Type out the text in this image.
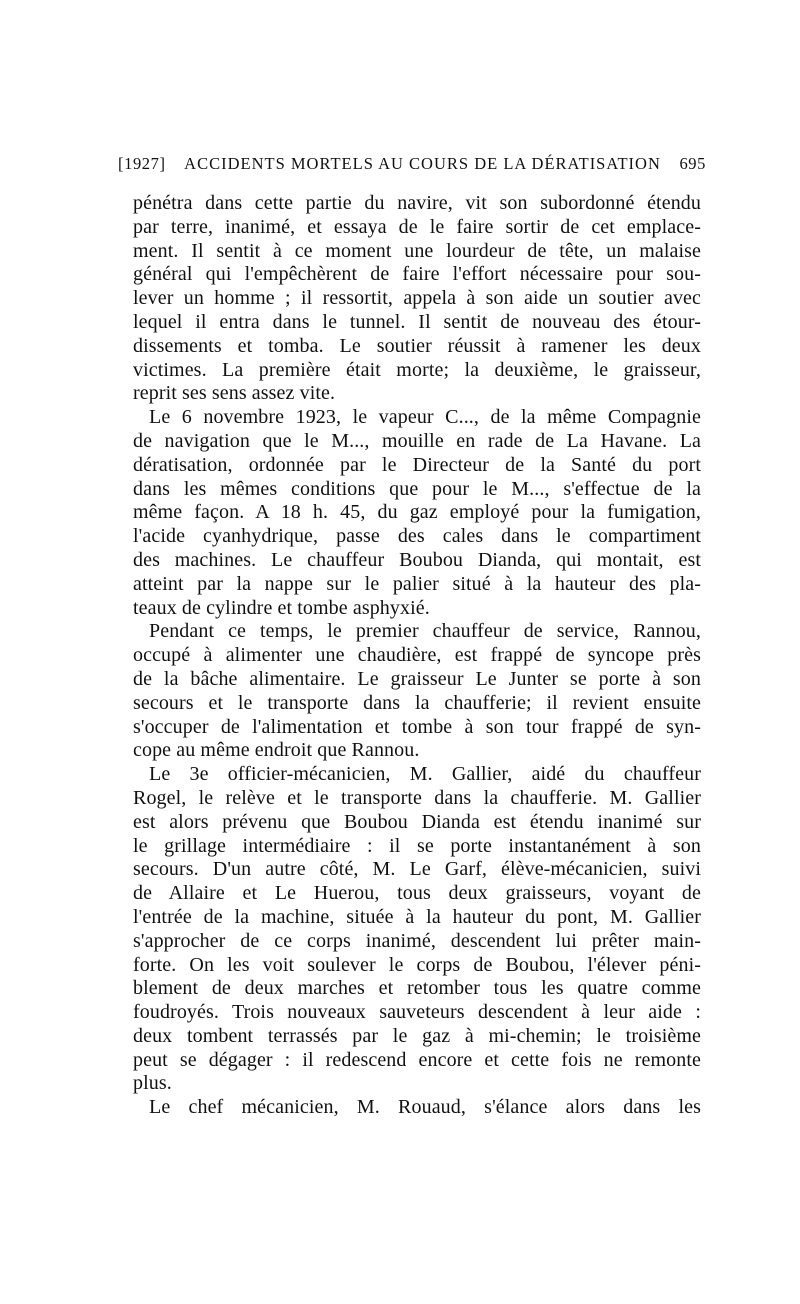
[1927]	ACCIDENTS MORTELS AU COURS DE LA DÉRATISATION	695
pénétra dans cette partie du navire, vit son subordonné étendu
par terre, inanimé, et essaya de le faire sortir de cet emplace-
ment. Il sentit à ce moment une lourdeur de tête, un malaise
général qui l'empêchèrent de faire l'effort nécessaire pour sou-
lever un homme ; il ressortit, appela à son aide un soutier avec
lequel il entra dans le tunnel. Il sentit de nouveau des étour-
dissements et tomba. Le soutier réussit à ramener les deux
victimes. La première était morte; la deuxième, le graisseur,
reprit ses sens assez vite.
Le 6 novembre 1923, le vapeur C..., de la même Compagnie
de navigation que le M..., mouille en rade de La Havane. La
dératisation, ordonnée par le Directeur de la Santé du port
dans les mêmes conditions que pour le M..., s'effectue de la
même façon. A 18 h. 45, du gaz employé pour la fumigation,
l'acide cyanhydrique, passe des cales dans le compartiment
des machines. Le chauffeur Boubou Dianda, qui montait, est
atteint par la nappe sur le palier situé à la hauteur des pla-
teaux de cylindre et tombe asphyxié.
Pendant ce temps, le premier chauffeur de service, Rannou,
occupé à alimenter une chaudière, est frappé de syncope près
de la bâche alimentaire. Le graisseur Le Junter se porte à son
secours et le transporte dans la chaufferie; il revient ensuite
s'occuper de l'alimentation et tombe à son tour frappé de syn-
cope au même endroit que Rannou.
Le 3e officier-mécanicien, M. Gallier, aidé du chauffeur
Rogel, le relève et le transporte dans la chaufferie. M. Gallier
est alors prévenu que Boubou Dianda est étendu inanimé sur
le grillage intermédiaire : il se porte instantanément à son
secours. D'un autre côté, M. Le Garf, élève-mécanicien, suivi
de Allaire et Le Huerou, tous deux graisseurs, voyant de
l'entrée de la machine, située à la hauteur du pont, M. Gallier
s'approcher de ce corps inanimé, descendent lui prêter main-
forte. On les voit soulever le corps de Boubou, l'élever péni-
blement de deux marches et retomber tous les quatre comme
foudroyés. Trois nouveaux sauveteurs descendent à leur aide :
deux tombent terrassés par le gaz à mi-chemin; le troisième
peut se dégager : il redescend encore et cette fois ne remonte
plus.
Le chef mécanicien, M. Rouaud, s'élance alors dans les
